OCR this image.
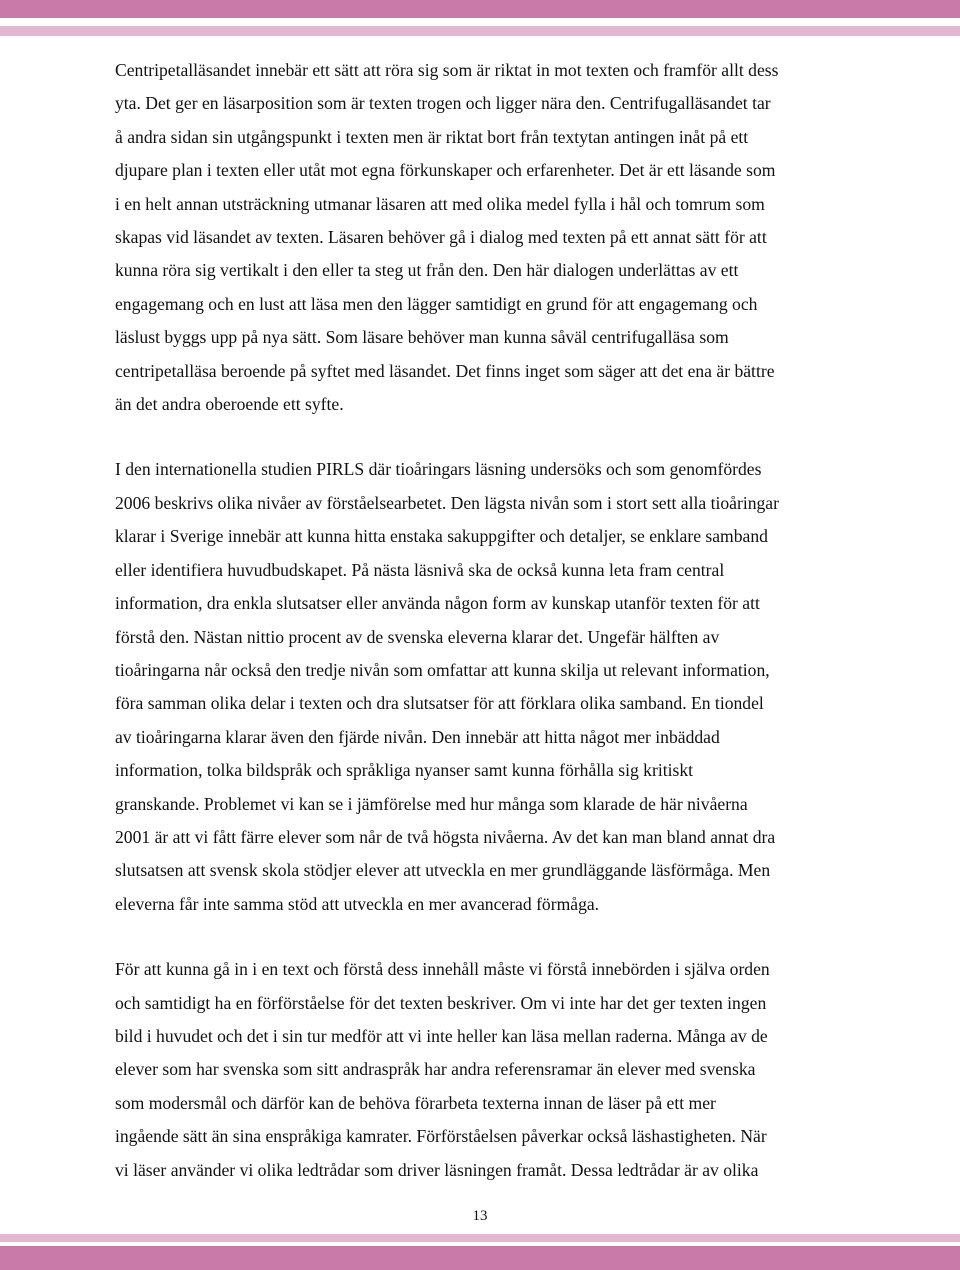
Centripetalläsandet innebär ett sätt att röra sig som är riktat in mot texten och framför allt dess
yta. Det ger en läsarposition som är texten trogen och ligger nära den. Centrifugalläsandet tar
å andra sidan sin utgångspunkt i texten men är riktat bort från textytan antingen inåt på ett
djupare plan i texten eller utåt mot egna förkunskaper och erfarenheter. Det är ett läsande som
i en helt annan utsträckning utmanar läsaren att med olika medel fylla i hål och tomrum som
skapas vid läsandet av texten. Läsaren behöver gå i dialog med texten på ett annat sätt för att
kunna röra sig vertikalt i den eller ta steg ut från den. Den här dialogen underlättas av ett
engagemang och en lust att läsa men den lägger samtidigt en grund för att engagemang och
läslust byggs upp på nya sätt. Som läsare behöver man kunna såväl centrifugalläsa som
centripetalläsa beroende på syftet med läsandet. Det finns inget som säger att det ena är bättre
än det andra oberoende ett syfte.

I den internationella studien PIRLS där tioåringars läsning undersöks och som genomfördes
2006 beskrivs olika nivåer av förståelsearbetet. Den lägsta nivån som i stort sett alla tioåringar
klarar i Sverige innebär att kunna hitta enstaka sakuppgifter och detaljer, se enklare samband
eller identifiera huvudbudskapet. På nästa läsnivå ska de också kunna leta fram central
information, dra enkla slutsatser eller använda någon form av kunskap utanför texten för att
förstå den. Nästan nittio procent av de svenska eleverna klarar det. Ungefär hälften av
tioåringarna når också den tredje nivån som omfattar att kunna skilja ut relevant information,
föra samman olika delar i texten och dra slutsatser för att förklara olika samband. En tiondel
av tioåringarna klarar även den fjärde nivån. Den innebär att hitta något mer inbäddad
information, tolka bildspråk och språkliga nyanser samt kunna förhålla sig kritiskt
granskande. Problemet vi kan se i jämförelse med hur många som klarade de här nivåerna
2001 är att vi fått färre elever som når de två högsta nivåerna. Av det kan man bland annat dra
slutsatsen att svensk skola stödjer elever att utveckla en mer grundläggande läsförmåga. Men
eleverna får inte samma stöd att utveckla en mer avancerad förmåga.

För att kunna gå in i en text och förstå dess innehåll måste vi förstå innebörden i själva orden
och samtidigt ha en förförståelse för det texten beskriver. Om vi inte har det ger texten ingen
bild i huvudet och det i sin tur medför att vi inte heller kan läsa mellan raderna. Många av de
elever som har svenska som sitt andraspråk har andra referensramar än elever med svenska
som modersmål och därför kan de behöva förarbeta texterna innan de läser på ett mer
ingående sätt än sina enspråkiga kamrater. Förförståelsen påverkar också läshastigheten. När
vi läser använder vi olika ledtrådar som driver läsningen framåt. Dessa ledtrådar är av olika

13
